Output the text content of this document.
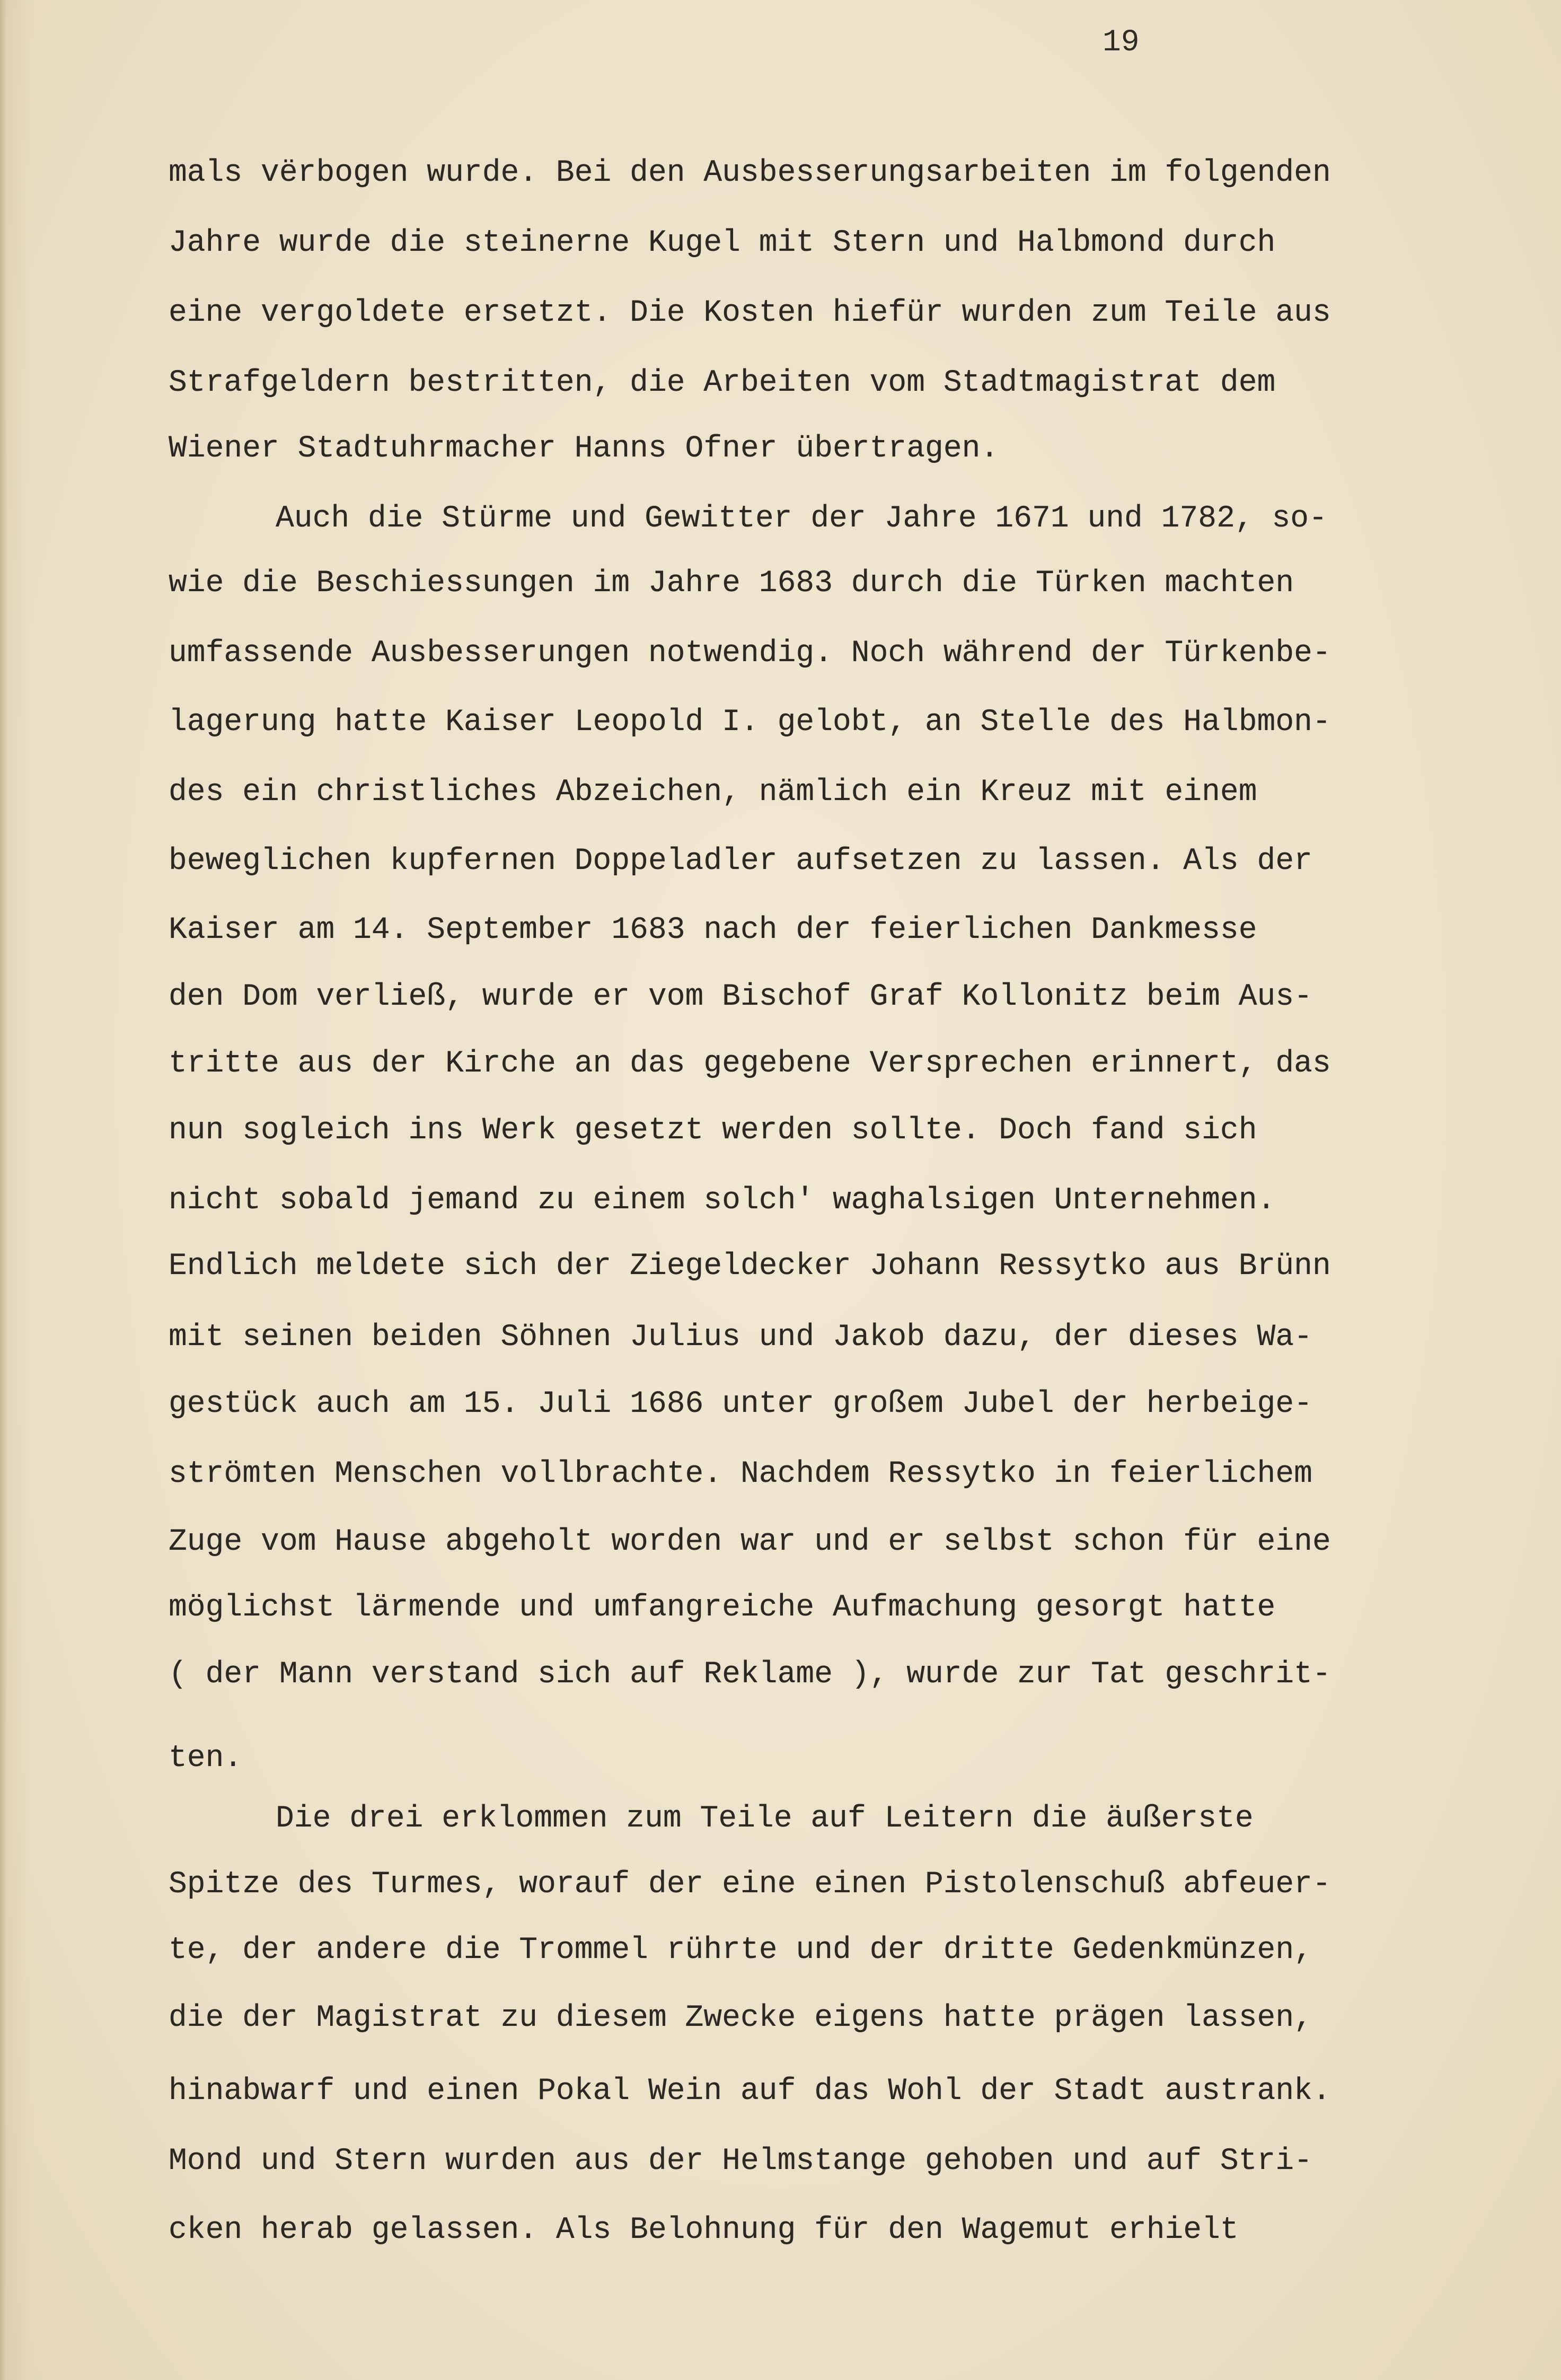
19
mals vërbogen wurde. Bei den Ausbesserungsarbeiten im folgenden
Jahre wurde die steinerne Kugel mit Stern und Halbmond durch
eine vergoldete ersetzt. Die Kosten hiefür wurden zum Teile aus
Strafgeldern bestritten, die Arbeiten vom Stadtmagistrat dem
Wiener Stadtuhrmacher Hanns Ofner übertragen.
Auch die Stürme und Gewitter der Jahre 1671 und 1782, so-
wie die Beschiessungen im Jahre 1683 durch die Türken machten
umfassende Ausbesserungen notwendig. Noch während der Türkenbe-
lagerung hatte Kaiser Leopold I. gelobt, an Stelle des Halbmon-
des ein christliches Abzeichen, nämlich ein Kreuz mit einem
beweglichen kupfernen Doppeladler aufsetzen zu lassen. Als der
Kaiser am 14. September 1683 nach der feierlichen Dankmesse
den Dom verließ, wurde er vom Bischof Graf Kollonitz beim Aus-
tritte aus der Kirche an das gegebene Versprechen erinnert, das
nun sogleich ins Werk gesetzt werden sollte. Doch fand sich
nicht sobald jemand zu einem solch' waghalsigen Unternehmen.
Endlich meldete sich der Ziegeldecker Johann Ressytko aus Brünn
mit seinen beiden Söhnen Julius und Jakob dazu, der dieses Wa-
gestück auch am 15. Juli 1686 unter großem Jubel der herbeige-
strömten Menschen vollbrachte. Nachdem Ressytko in feierlichem
Zuge vom Hause abgeholt worden war und er selbst schon für eine
möglichst lärmende und umfangreiche Aufmachung gesorgt hatte
( der Mann verstand sich auf Reklame ), wurde zur Tat geschrit-
ten.
Die drei erklommen zum Teile auf Leitern die äußerste
Spitze des Turmes, worauf der eine einen Pistolenschuß abfeuer-
te, der andere die Trommel rührte und der dritte Gedenkmünzen,
die der Magistrat zu diesem Zwecke eigens hatte prägen lassen,
hinabwarf und einen Pokal Wein auf das Wohl der Stadt austrank.
Mond und Stern wurden aus der Helmstange gehoben und auf Stri-
cken herab gelassen. Als Belohnung für den Wagemut erhielt
